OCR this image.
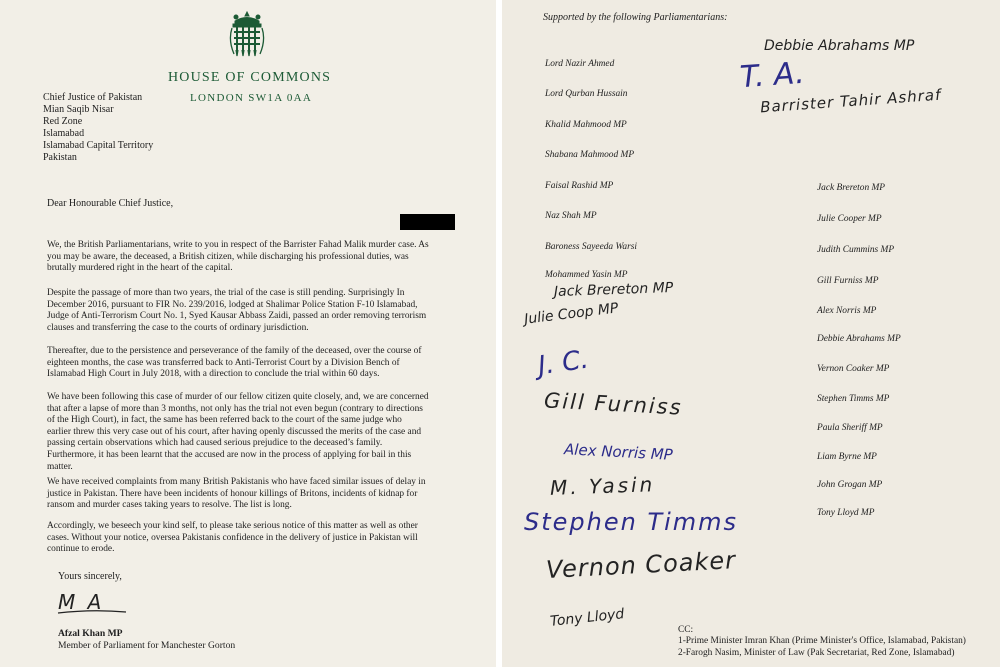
HOUSE OF COMMONS
LONDON SW1A 0AA
Chief Justice of Pakistan
Mian Saqib Nisar
Red Zone
Islamabad
Islamabad Capital Territory
Pakistan
Dear Honourable Chief Justice,
We, the British Parliamentarians, write to you in respect of the Barrister Fahad Malik murder case. As
you may be aware, the deceased, a British citizen, while discharging his professional duties, was
brutally murdered right in the heart of the capital.
Despite the passage of more than two years, the trial of the case is still pending. Surprisingly In
December 2016, pursuant to FIR No. 239/2016, lodged at Shalimar Police Station F-10 Islamabad,
Judge of Anti-Terrorism Court No. 1, Syed Kausar Abbass Zaidi, passed an order removing terrorism
clauses and transferring the case to the courts of ordinary jurisdiction.
Thereafter, due to the persistence and perseverance of the family of the deceased, over the course of
eighteen months, the case was transferred back to Anti-Terrorist Court by a Division Bench of
Islamabad High Court in July 2018, with a direction to conclude the trial within 60 days.
We have been following this case of murder of our fellow citizen quite closely, and, we are concerned
that after a lapse of more than 3 months, not only has the trial not even begun (contrary to directions
of the High Court), in fact, the same has been referred back to the court of the same judge who
earlier threw this very case out of his court, after having openly discussed the merits of the case and
passing certain observations which had caused serious prejudice to the deceased’s family.
Furthermore, it has been learnt that the accused are now in the process of applying for bail in this
matter.
We have received complaints from many British Pakistanis who have faced similar issues of delay in
justice in Pakistan. There have been incidents of honour killings of Britons, incidents of kidnap for
ransom and murder cases taking years to resolve. The list is long.
Accordingly, we beseech your kind self, to please take serious notice of this matter as well as other
cases. Without your notice, oversea Pakistanis confidence in the delivery of justice in Pakistan will
continue to erode.
Yours sincerely,
M A
Afzal Khan MP
Member of Parliament for Manchester Gorton
Supported by the following Parliamentarians:
Lord Nazir Ahmed
Lord Qurban Hussain
Khalid Mahmood MP
Shabana Mahmood MP
Faisal Rashid MP
Naz Shah MP
Baroness Sayeeda Warsi
Mohammed Yasin MP
Jack Brereton MP
Julie Cooper MP
Judith Cummins MP
Gill Furniss MP
Alex Norris MP
Debbie Abrahams MP
Vernon Coaker MP
Stephen Timms MP
Paula Sheriff MP
Liam Byrne MP
John Grogan MP
Tony Lloyd MP
Debbie Abrahams MP
T. A.
Barrister Tahir Ashraf
Jack Brereton MP
Julie Coop MP
J. C.
Gill Furniss
Alex Norris MP
M. Yasin
Stephen Timms
Vernon Coaker
Tony Lloyd
CC:
1-Prime Minister Imran Khan (Prime Minister's Office, Islamabad, Pakistan)
2-Farogh Nasim, Minister of Law (Pak Secretariat, Red Zone, Islamabad)
